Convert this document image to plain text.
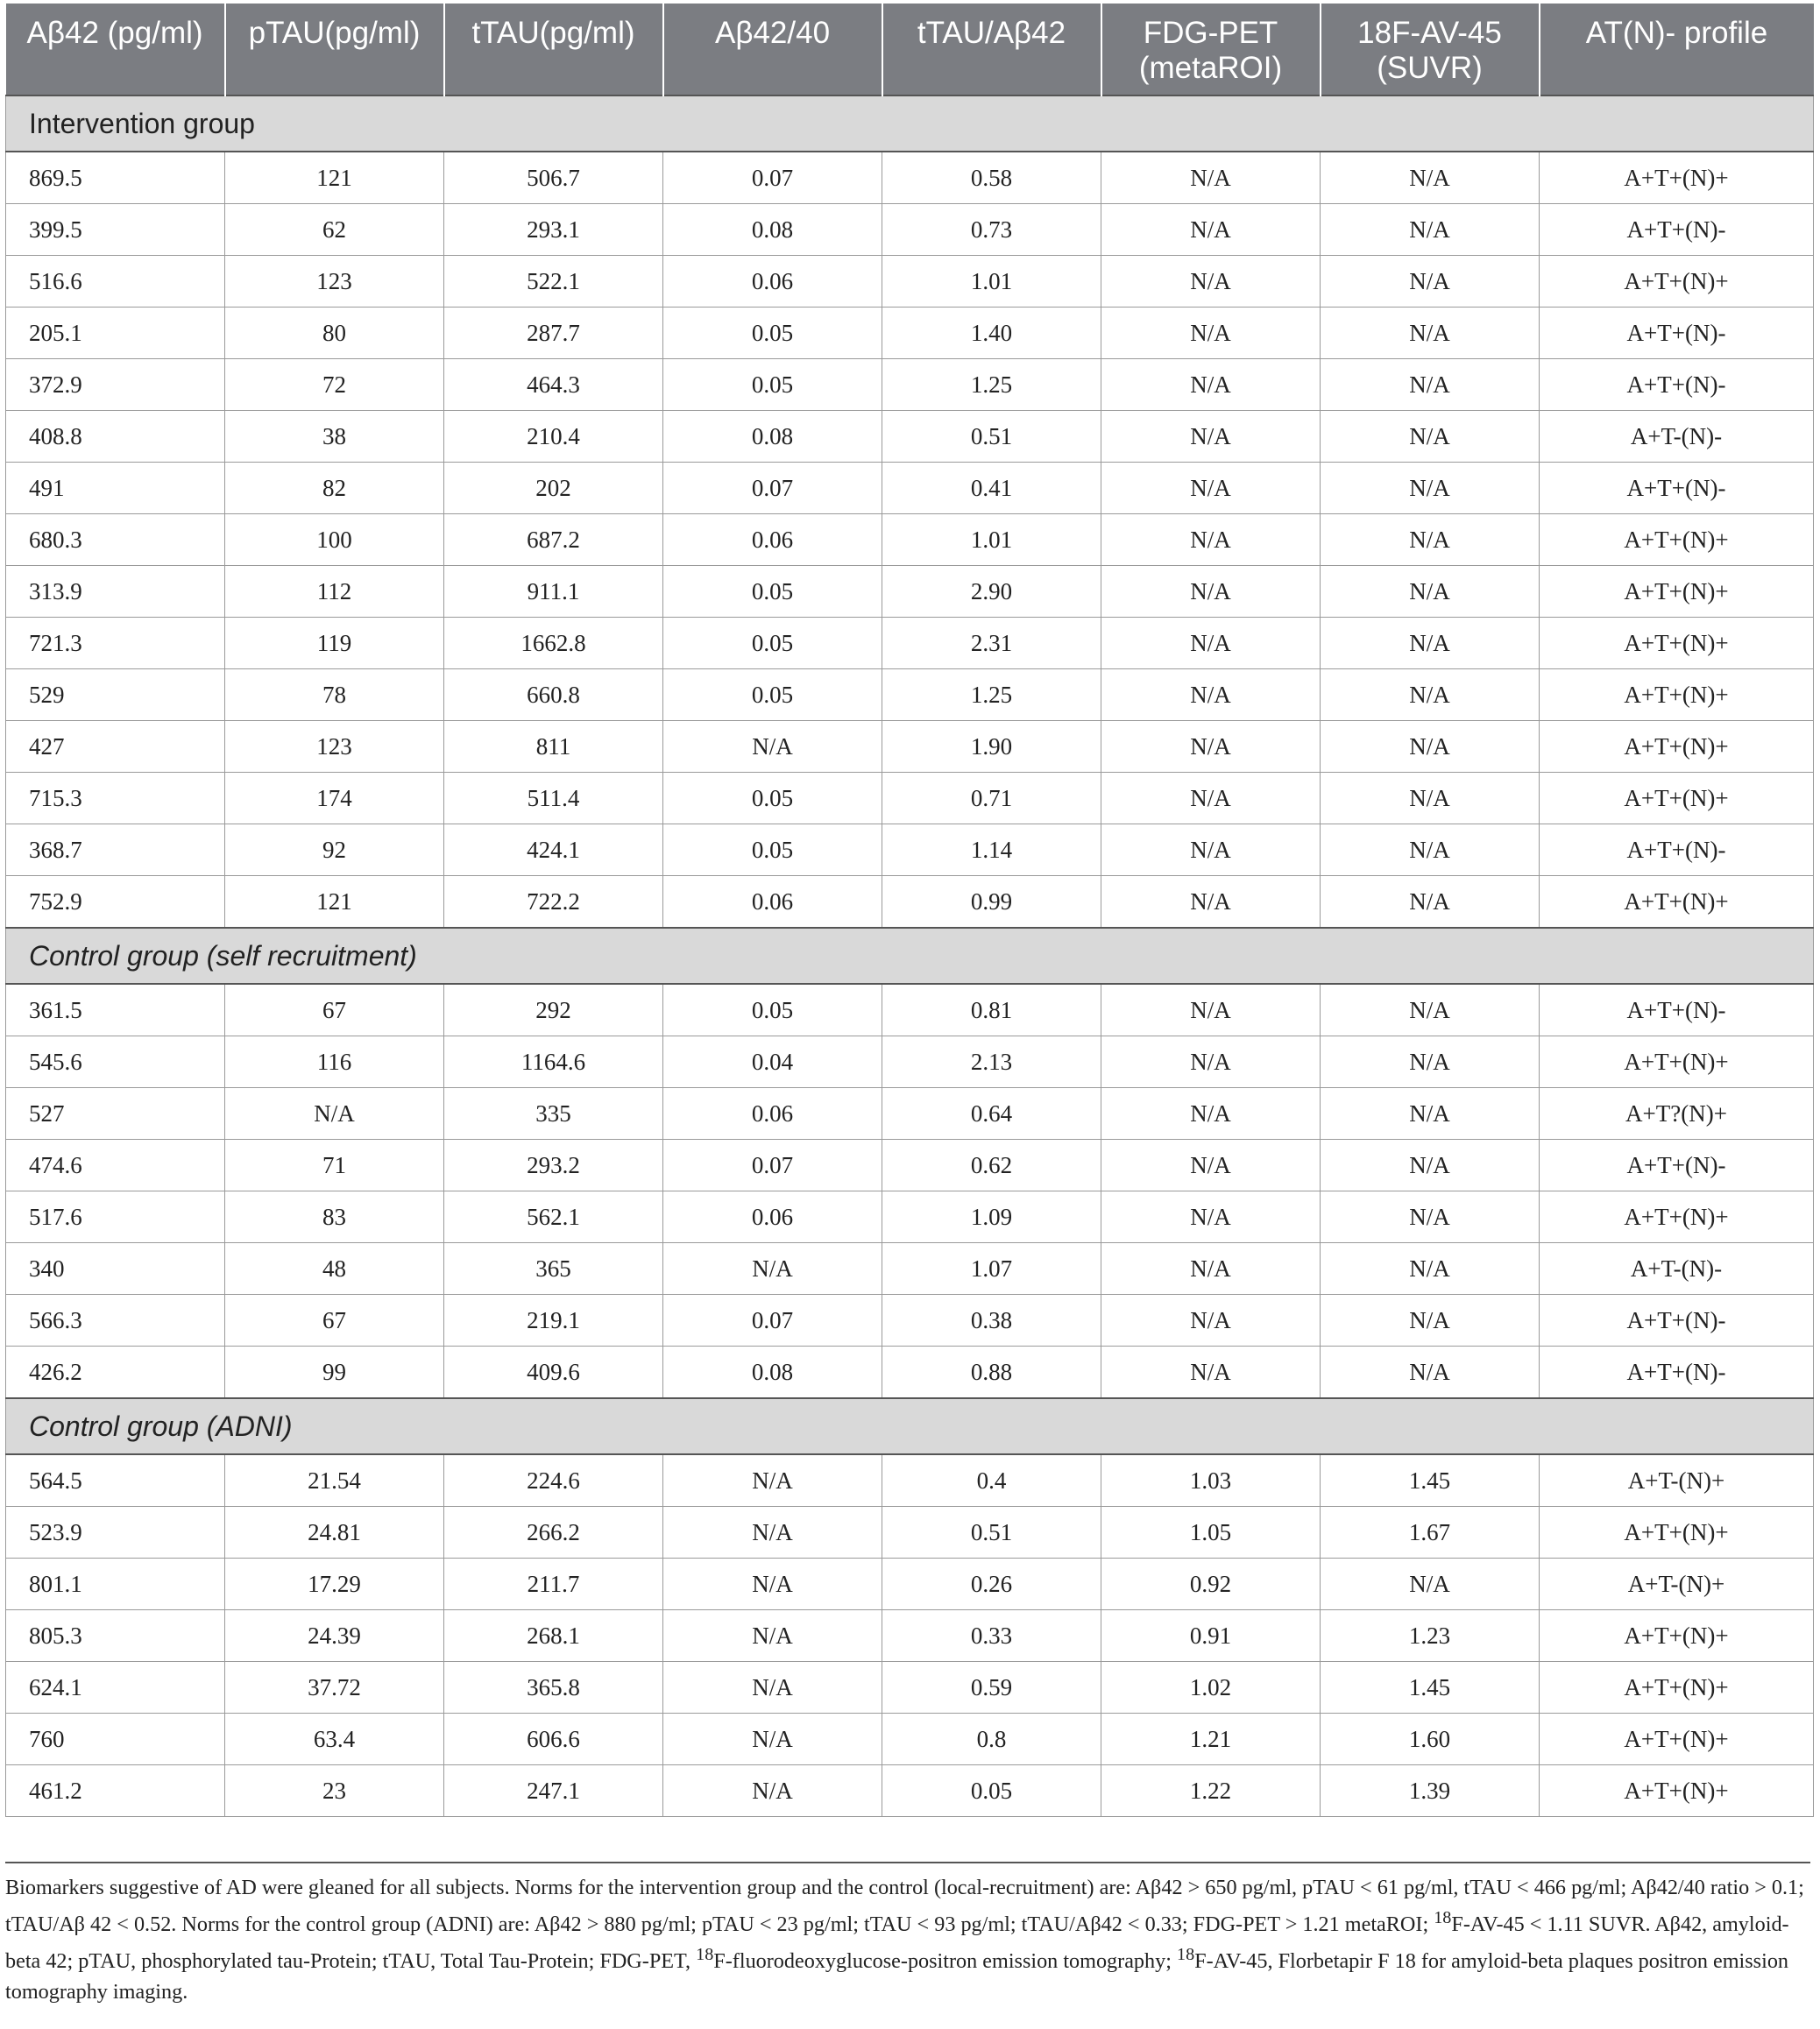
Aβ42 (pg/ml)	pTAU(pg/ml)	tTAU(pg/ml)	Aβ42/40	tTAU/Aβ42	FDG-PET (metaROI)	18F-AV-45 (SUVR)	AT(N)- profile
Intervention group							
869.5	121	506.7	0.07	0.58	N/A	N/A	A+T+(N)+
399.5	62	293.1	0.08	0.73	N/A	N/A	A+T+(N)-
516.6	123	522.1	0.06	1.01	N/A	N/A	A+T+(N)+
205.1	80	287.7	0.05	1.40	N/A	N/A	A+T+(N)-
372.9	72	464.3	0.05	1.25	N/A	N/A	A+T+(N)-
408.8	38	210.4	0.08	0.51	N/A	N/A	A+T-(N)-
491	82	202	0.07	0.41	N/A	N/A	A+T+(N)-
680.3	100	687.2	0.06	1.01	N/A	N/A	A+T+(N)+
313.9	112	911.1	0.05	2.90	N/A	N/A	A+T+(N)+
721.3	119	1662.8	0.05	2.31	N/A	N/A	A+T+(N)+
529	78	660.8	0.05	1.25	N/A	N/A	A+T+(N)+
427	123	811	N/A	1.90	N/A	N/A	A+T+(N)+
715.3	174	511.4	0.05	0.71	N/A	N/A	A+T+(N)+
368.7	92	424.1	0.05	1.14	N/A	N/A	A+T+(N)-
752.9	121	722.2	0.06	0.99	N/A	N/A	A+T+(N)+
Control group (self recruitment)							
361.5	67	292	0.05	0.81	N/A	N/A	A+T+(N)-
545.6	116	1164.6	0.04	2.13	N/A	N/A	A+T+(N)+
527	N/A	335	0.06	0.64	N/A	N/A	A+T?(N)+
474.6	71	293.2	0.07	0.62	N/A	N/A	A+T+(N)-
517.6	83	562.1	0.06	1.09	N/A	N/A	A+T+(N)+
340	48	365	N/A	1.07	N/A	N/A	A+T-(N)-
566.3	67	219.1	0.07	0.38	N/A	N/A	A+T+(N)-
426.2	99	409.6	0.08	0.88	N/A	N/A	A+T+(N)-
Control group (ADNI)							
564.5	21.54	224.6	N/A	0.4	1.03	1.45	A+T-(N)+
523.9	24.81	266.2	N/A	0.51	1.05	1.67	A+T+(N)+
801.1	17.29	211.7	N/A	0.26	0.92	N/A	A+T-(N)+
805.3	24.39	268.1	N/A	0.33	0.91	1.23	A+T+(N)+
624.1	37.72	365.8	N/A	0.59	1.02	1.45	A+T+(N)+
760	63.4	606.6	N/A	0.8	1.21	1.60	A+T+(N)+
461.2	23	247.1	N/A	0.05	1.22	1.39	A+T+(N)+
Biomarkers suggestive of AD were gleaned for all subjects. Norms for the intervention group and the control (local-recruitment) are: Aβ42 > 650 pg/ml, pTAU < 61 pg/ml, tTAU < 466 pg/ml; Aβ42/40 ratio > 0.1; tTAU/Aβ 42 < 0.52. Norms for the control group (ADNI) are: Aβ42 > 880 pg/ml; pTAU < 23 pg/ml; tTAU < 93 pg/ml; tTAU/Aβ42 < 0.33; FDG-PET > 1.21 metaROI; $^{18}$F-AV-45 < 1.11 SUVR. Aβ42, amyloid-beta 42; pTAU, phosphorylated tau-Protein; tTAU, Total Tau-Protein; FDG-PET, $^{18}$F-fluorodeoxyglucose-positron emission tomography; $^{18}$F-AV-45, Florbetapir F 18 for amyloid-beta plaques positron emission tomography imaging.
